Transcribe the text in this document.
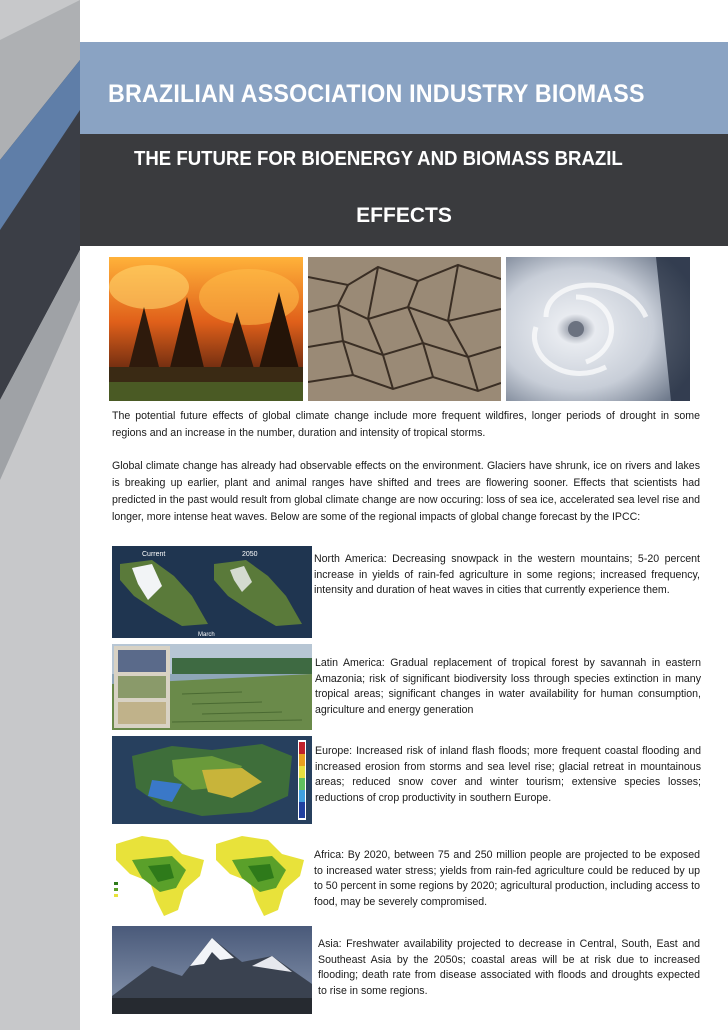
BRAZILIAN ASSOCIATION INDUSTRY BIOMASS
THE FUTURE FOR BIOENERGY AND BIOMASS BRAZIL
EFFECTS

The potential future effects of global climate change include more frequent wildfires, longer periods of drought in some regions and an increase in the number, duration and intensity of tropical storms.

Global climate change has already had observable effects on the environment. Glaciers have shrunk, ice on rivers and lakes is breaking up earlier, plant and animal ranges have shifted and trees are flowering sooner. Effects that scientists had predicted in the past would result from global climate change are now occuring: loss of sea ice, accelerated sea level rise and longer, more intense heat waves. Below are some of the regional impacts of global change forecast by the IPCC:

Current	2050
March

North America: Decreasing snowpack in the western mountains; 5-20 percent increase in yields of rain-fed agriculture in some regions; increased frequency, intensity and duration of heat waves in cities that currently experience them.

Latin America: Gradual replacement of tropical forest by savannah in eastern Amazonia; risk of significant biodiversity loss through species extinction in many tropical areas; significant changes in water availability for human consumption, agriculture and energy generation

Europe: Increased risk of inland flash floods; more frequent coastal flooding and increased erosion from storms and sea level rise; glacial retreat in mountainous areas; reduced snow cover and winter tourism; extensive species losses; reductions of crop productivity in southern Europe.

Africa: By 2020, between 75 and 250 million people are projected to be exposed to increased water stress; yields from rain-fed agriculture could be reduced by up to 50 percent in some regions by 2020; agricultural production, including access to food, may be severely compromised.

Asia: Freshwater availability projected to decrease in Central, South, East and Southeast Asia by the 2050s; coastal areas will be at risk due to increased flooding; death rate from disease associated with floods and droughts expected to rise in some regions.
